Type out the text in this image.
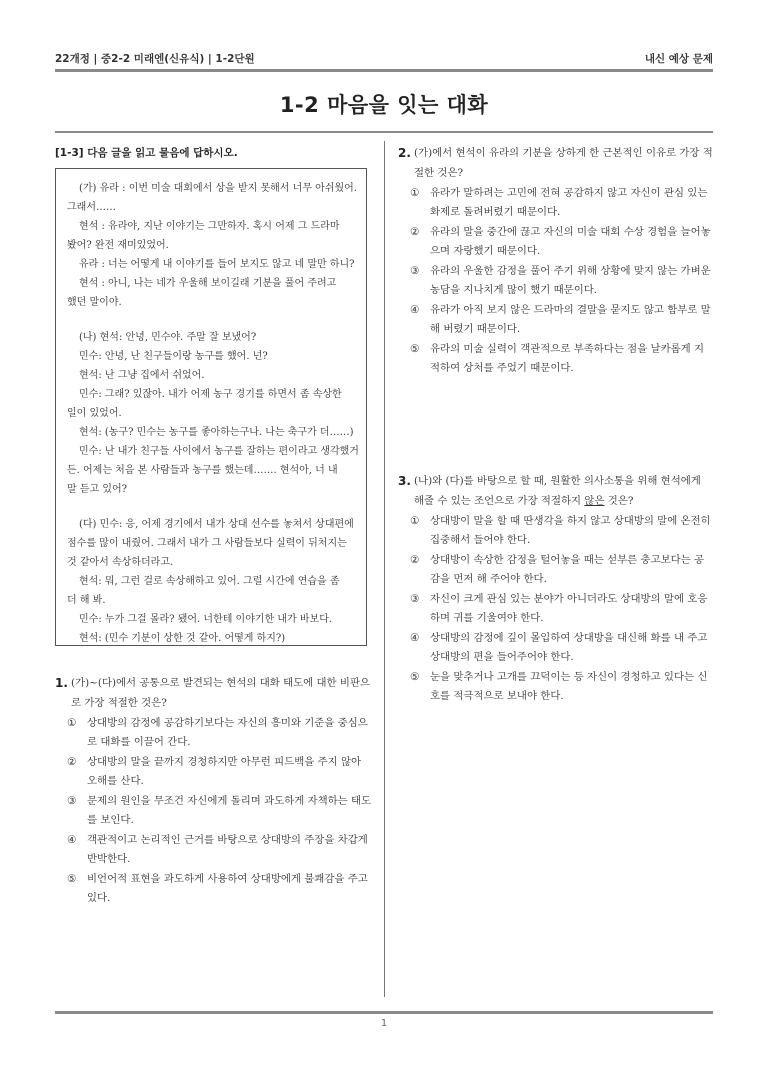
22개정 | 중2-2 미래엔(신유식) | 1-2단원	내신 예상 문제
1-2 마음을 잇는 대화
[1-3] 다음 글을 읽고 물음에 답하시오.
(가) 유라 : 이번 미술 대회에서 상을 받지 못해서 너무 아쉬웠어.
그래서……
현석 : 유라야, 지난 이야기는 그만하자. 혹시 어제 그 드라마
봤어? 완전 재미있었어.
유라 : 너는 어떻게 내 이야기를 들어 보지도 않고 네 말만 하니?
현석 : 아니, 나는 네가 우울해 보이길래 기분을 풀어 주려고
했던 말이야.
(나) 현석: 안녕, 민수야. 주말 잘 보냈어?
민수: 안녕, 난 친구들이랑 농구를 했어. 넌?
현석: 난 그냥 집에서 쉬었어.
민수: 그래? 있잖아. 내가 어제 농구 경기를 하면서 좀 속상한
일이 있었어.
현석: (농구? 민수는 농구를 좋아하는구나. 나는 축구가 더……)
민수: 난 내가 친구들 사이에서 농구를 잘하는 편이라고 생각했거
든. 어제는 처음 본 사람들과 농구를 했는데……. 현석아, 너 내
말 듣고 있어?
(다) 민수: 응, 어제 경기에서 내가 상대 선수를 놓쳐서 상대편에
점수를 많이 내줬어. 그래서 내가 그 사람들보다 실력이 뒤처지는
것 같아서 속상하더라고.
현석: 뭐, 그런 걸로 속상해하고 있어. 그럴 시간에 연습을 좀
더 해 봐.
민수: 누가 그걸 몰라? 됐어. 너한테 이야기한 내가 바보다.
현석: (민수 기분이 상한 것 같아. 어떻게 하지?)
1. (가)~(다)에서 공통으로 발견되는 현석의 대화 태도에 대한 비판으로 가장 적절한 것은?
①	상대방의 감정에 공감하기보다는 자신의 흥미와 기준을 중심으로 대화를 이끌어 간다.
②	상대방의 말을 끝까지 경청하지만 아무런 피드백을 주지 않아 오해를 산다.
③	문제의 원인을 무조건 자신에게 돌리며 과도하게 자책하는 태도를 보인다.
④	객관적이고 논리적인 근거를 바탕으로 상대방의 주장을 차갑게 반박한다.
⑤	비언어적 표현을 과도하게 사용하여 상대방에게 불쾌감을 주고 있다.
2. (가)에서 현석이 유라의 기분을 상하게 한 근본적인 이유로 가장 적절한 것은?
①	유라가 말하려는 고민에 전혀 공감하지 않고 자신이 관심 있는 화제로 돌려버렸기 때문이다.
②	유라의 말을 중간에 끊고 자신의 미술 대회 수상 경험을 늘어놓으며 자랑했기 때문이다.
③	유라의 우울한 감정을 풀어 주기 위해 상황에 맞지 않는 가벼운 농담을 지나치게 많이 했기 때문이다.
④	유라가 아직 보지 않은 드라마의 결말을 묻지도 않고 함부로 말해 버렸기 때문이다.
⑤	유라의 미술 실력이 객관적으로 부족하다는 점을 날카롭게 지적하여 상처를 주었기 때문이다.
3. (나)와 (다)를 바탕으로 할 때, 원활한 의사소통을 위해 현석에게 해줄 수 있는 조언으로 가장 적절하지 않은 것은?
①	상대방이 말을 할 때 딴생각을 하지 않고 상대방의 말에 온전히 집중해서 들어야 한다.
②	상대방이 속상한 감정을 털어놓을 때는 섣부른 충고보다는 공감을 먼저 해 주어야 한다.
③	자신이 크게 관심 있는 분야가 아니더라도 상대방의 말에 호응하며 귀를 기울여야 한다.
④	상대방의 감정에 깊이 몰입하여 상대방을 대신해 화를 내 주고 상대방의 편을 들어주어야 한다.
⑤	눈을 맞추거나 고개를 끄덕이는 등 자신이 경청하고 있다는 신호를 적극적으로 보내야 한다.
1
